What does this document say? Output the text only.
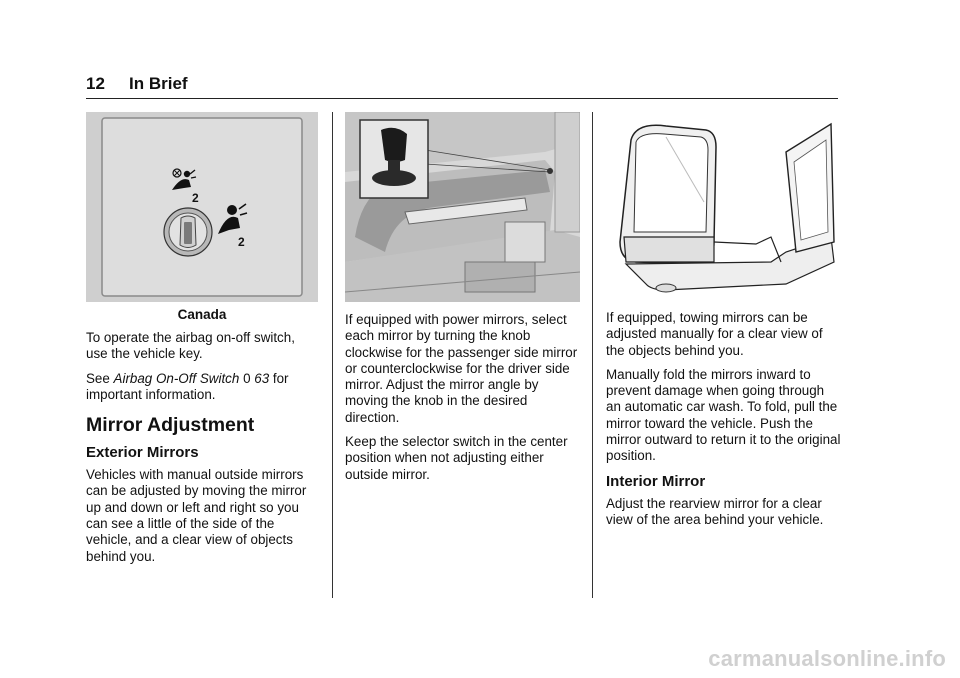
12 In Brief
2
2
Canada

To operate the airbag on-off switch, use the vehicle key.

See Airbag On-Off Switch 0 63 for important information.

Mirror Adjustment
Exterior Mirrors

Vehicles with manual outside mirrors can be adjusted by moving the mirror up and down or left and right so you can see a little of the side of the vehicle, and a clear view of objects behind you.

If equipped with power mirrors, select each mirror by turning the knob clockwise for the passenger side mirror or counterclockwise for the driver side mirror. Adjust the mirror angle by moving the knob in the desired direction.

Keep the selector switch in the center position when not adjusting either outside mirror.

If equipped, towing mirrors can be adjusted manually for a clear view of the objects behind you.

Manually fold the mirrors inward to prevent damage when going through an automatic car wash. To fold, pull the mirror toward the vehicle. Push the mirror outward to return it to the original position.

Interior Mirror

Adjust the rearview mirror for a clear view of the area behind your vehicle.

carmanualsonline.info
